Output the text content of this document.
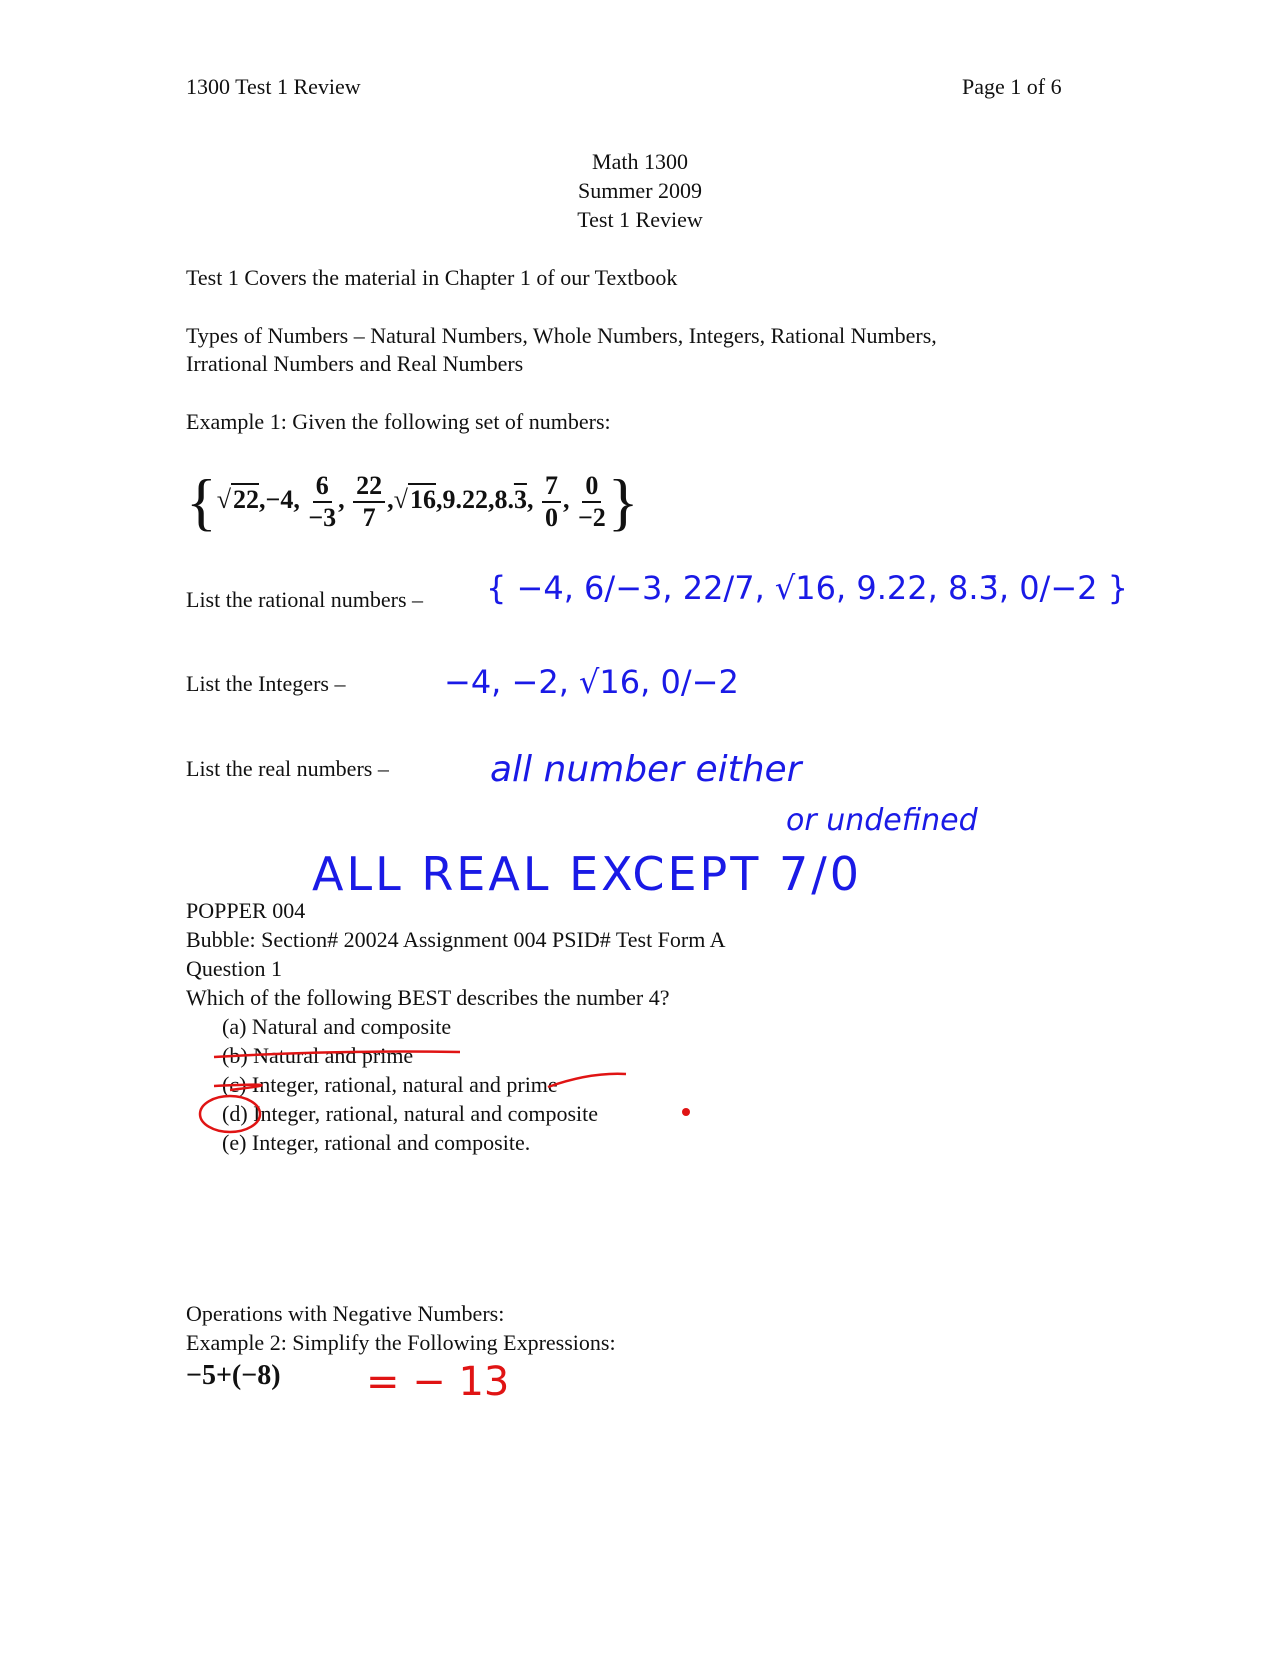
1300 Test 1 Review	Page 1 of 6
Math 1300
Summer 2009
Test 1 Review
Test 1 Covers the material in Chapter 1 of our Textbook
Types of Numbers – Natural Numbers, Whole Numbers, Integers, Rational Numbers,
Irrational Numbers and Real Numbers
Example 1: Given the following set of numbers:
{√22,−4, $\frac{6}{-3}$ , $\frac{22}{7} ,√16,9.22,8.3$, $\frac{7}{0}$ , $\frac{0}{-2}$ }
List the rational numbers –
List the Integers –
List the real numbers –
{ −4, 6/−3, 22/7, √16, 9.22, 8.3̄, 0/−2 }
−4, −2, √16, 0/−2
all number either
or undefined
ALL REAL EXCEPT 7/0
POPPER 004
Bubble: Section# 20024 Assignment 004 PSID# Test Form A
Question 1
Which of the following BEST describes the number 4?
(a) Natural and composite
(b) Natural and prime
(c) Integer, rational, natural and prime
(d) Integer, rational, natural and composite
(e) Integer, rational and composite.
Operations with Negative Numbers:
Example 2: Simplify the Following Expressions:
−5+(−8) = − 13
